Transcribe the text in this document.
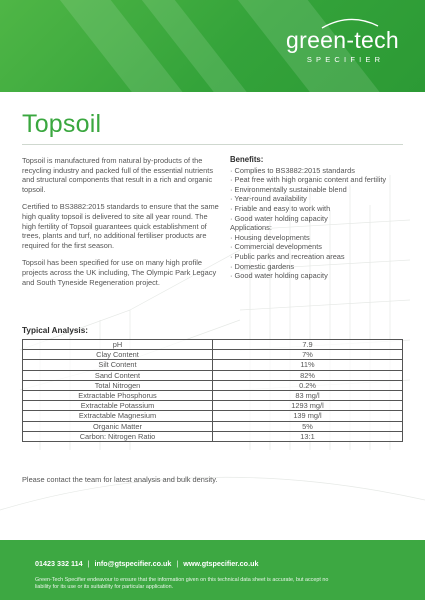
green-tech
SPECIFIER
Topsoil

Topsoil is manufactured from natural by-products of the recycling industry and packed full of the essential nutrients and structural components that result in a rich and organic topsoil.

Certified to BS3882:2015 standards to ensure that the same high quality topsoil is delivered to site all year round. The high fertility of Topsoil guarantees quick establishment of trees, plants and turf, no additional fertiliser products are required for the first season.

Topsoil has been specified for use on many high profile projects across the UK including, The Olympic Park Legacy and South Tyneside Regeneration project.

Benefits:
· Complies to BS3882:2015 standards
· Peat free with high organic content and fertility
· Environmentally sustainable blend
· Year-round availability
· Friable and easy to work with
· Good water holding capacity
Applications:
· Housing developments
· Commercial developments
· Public parks and recreation areas
· Domestic gardens
· Good water holding capacity
Typical Analysis:
pH	7.9
Clay Content	7%
Silt Content	11%
Sand Content	82%
Total Nitrogen	0.2%
Extractable Phosphorus	83 mg/l
Extractable Potassium	1293 mg/l
Extractable Magnesium	139 mg/l
Organic Matter	5%
Carbon: Nitrogen Ratio	13:1
Please contact the team for latest analysis and bulk density.
01423 332 114 | info@gtspecifier.co.uk | www.gtspecifier.co.uk
Green-Tech Specifier endeavour to ensure that the information given on this technical data sheet is accurate, but accept no liability for its use or its suitability for particular application.
